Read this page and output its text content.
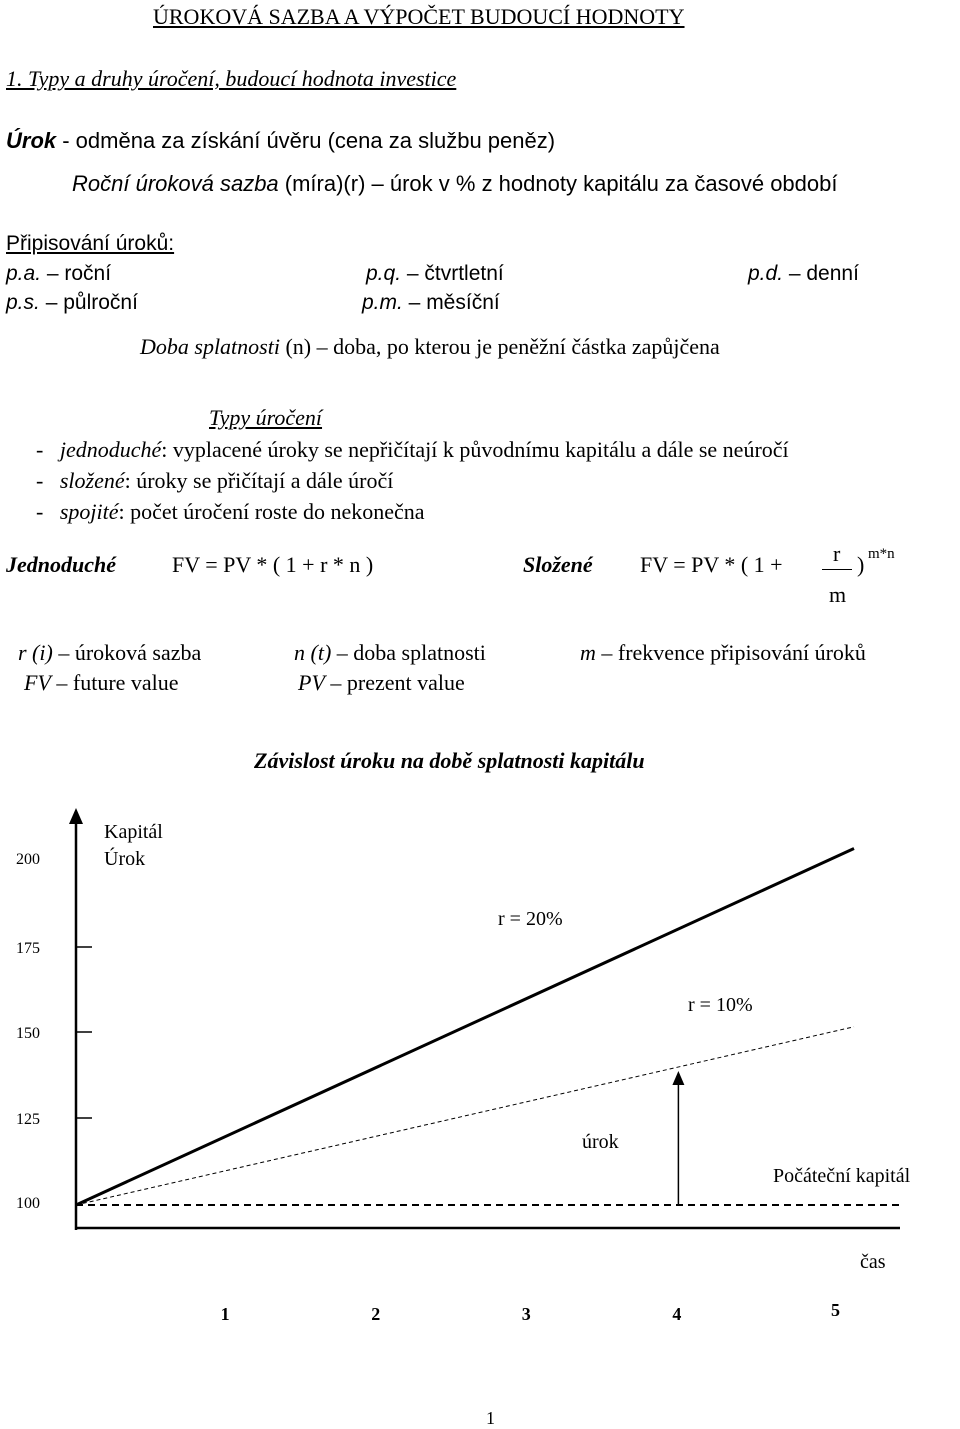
ÚROKOVÁ SAZBA A VÝPOČET BUDOUCÍ HODNOTY
1. Typy a druhy úročení, budoucí hodnota investice
Úrok - odměna za získání úvěru (cena za službu peněz)
Roční úroková sazba (míra)(r) – úrok v % z hodnoty kapitálu za časové období
Připisování úroků:
p.a. – roční	p.q. – čtvrtletní	p.d. – denní
p.s. – půlroční	p.m. – měsíční
Doba splatnosti (n) – doba, po kterou je peněžní částka zapůjčena
Typy úročení
-   jednoduché: vyplacené úroky se nepřičítají k původnímu kapitálu a dále se neúročí
-   složené: úroky se přičítají a dále úročí
-   spojité: počet úročení roste do nekonečna
Jednoduché	FV = PV * ( 1 + r * n )	Složené FV = PV * ( 1 + r
m
) m*n
r (i) – úroková sazba	n (t) – doba splatnosti	m – frekvence připisování úroků
FV – future value	PV – prezent value
Závislost úroku na době splatnosti kapitálu
Kapitál
Úrok
čas
200
175
150
125
100
1	2	3	4	5
r = 20%
r = 10%
úrok
Počáteční kapitál
1
